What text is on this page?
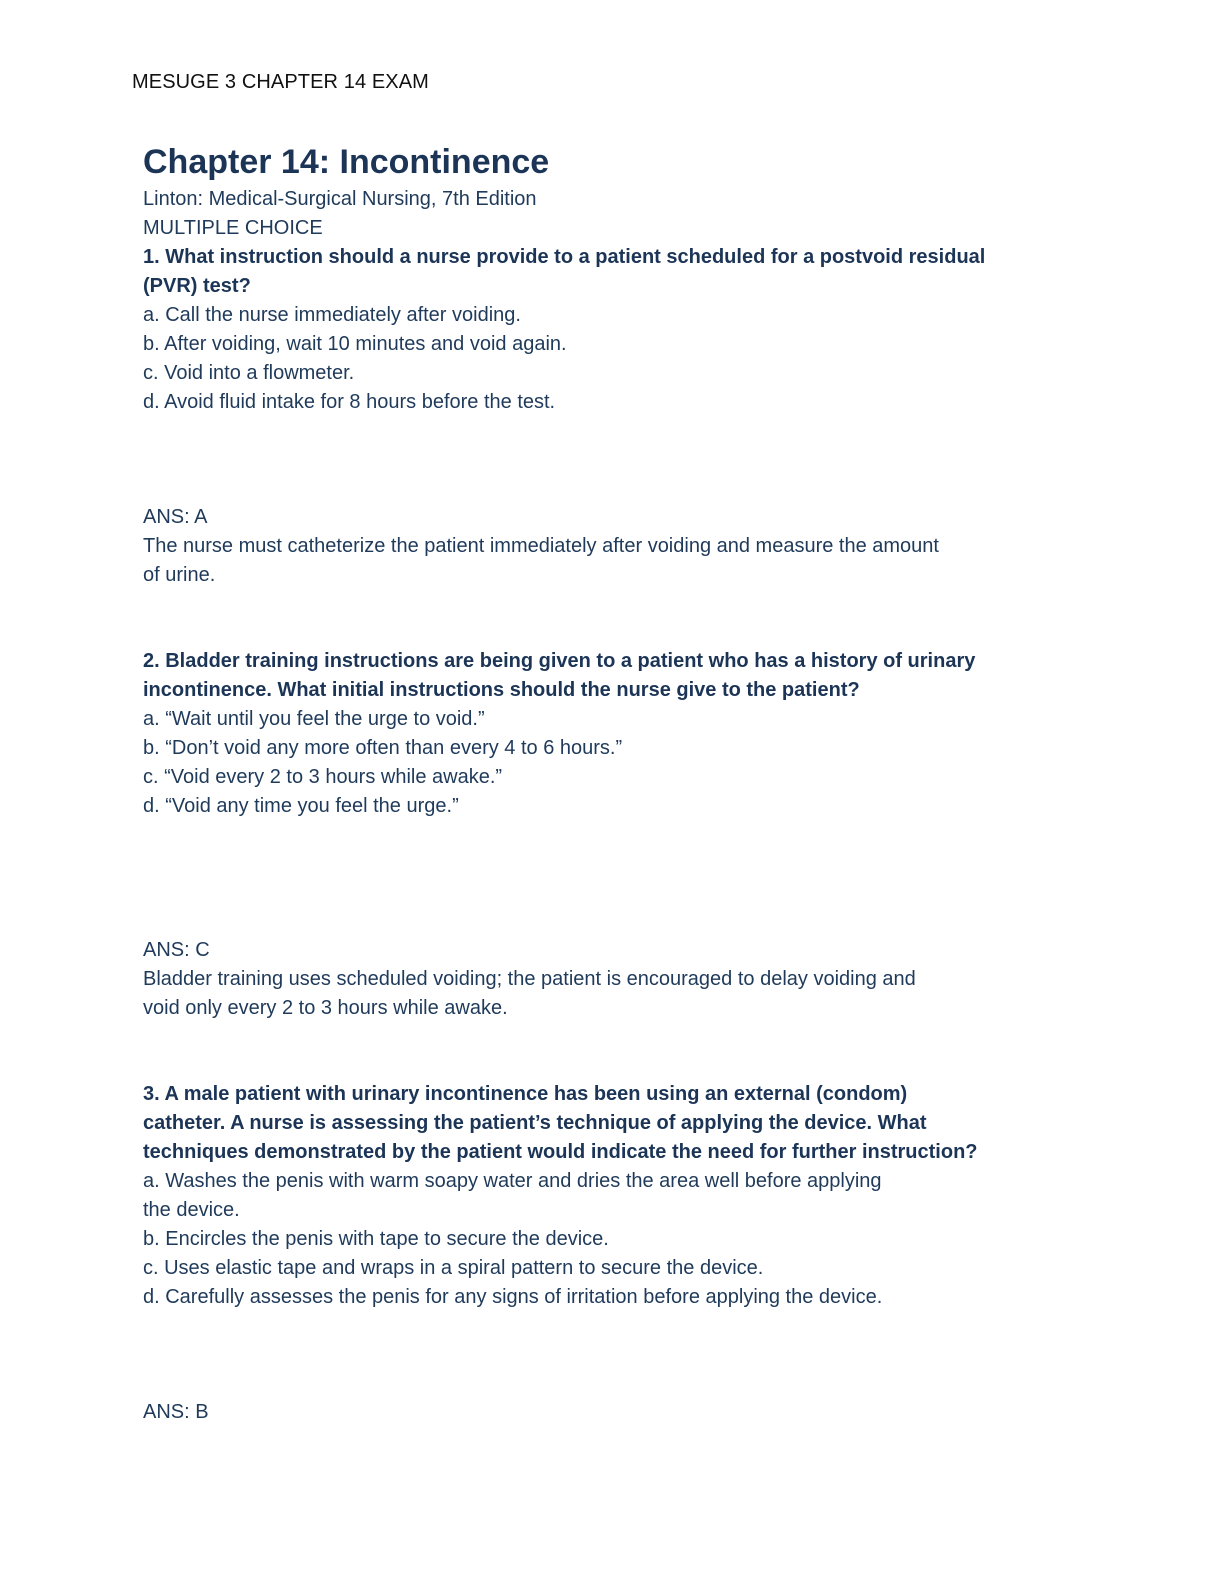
MESUGE 3 CHAPTER 14 EXAM
Chapter 14: Incontinence
Linton: Medical-Surgical Nursing, 7th Edition
MULTIPLE CHOICE
1. What instruction should a nurse provide to a patient scheduled for a postvoid residual
(PVR) test?
a. Call the nurse immediately after voiding.
b. After voiding, wait 10 minutes and void again.
c. Void into a flowmeter.
d. Avoid fluid intake for 8 hours before the test.
ANS: A
The nurse must catheterize the patient immediately after voiding and measure the amount
of urine.
2. Bladder training instructions are being given to a patient who has a history of urinary
incontinence. What initial instructions should the nurse give to the patient?
a. “Wait until you feel the urge to void.”
b. “Don’t void any more often than every 4 to 6 hours.”
c. “Void every 2 to 3 hours while awake.”
d. “Void any time you feel the urge.”
ANS: C
Bladder training uses scheduled voiding; the patient is encouraged to delay voiding and
void only every 2 to 3 hours while awake.
3. A male patient with urinary incontinence has been using an external (condom)
catheter. A nurse is assessing the patient’s technique of applying the device. What
techniques demonstrated by the patient would indicate the need for further instruction?
a. Washes the penis with warm soapy water and dries the area well before applying
the device.
b. Encircles the penis with tape to secure the device.
c. Uses elastic tape and wraps in a spiral pattern to secure the device.
d. Carefully assesses the penis for any signs of irritation before applying the device.
ANS: B
